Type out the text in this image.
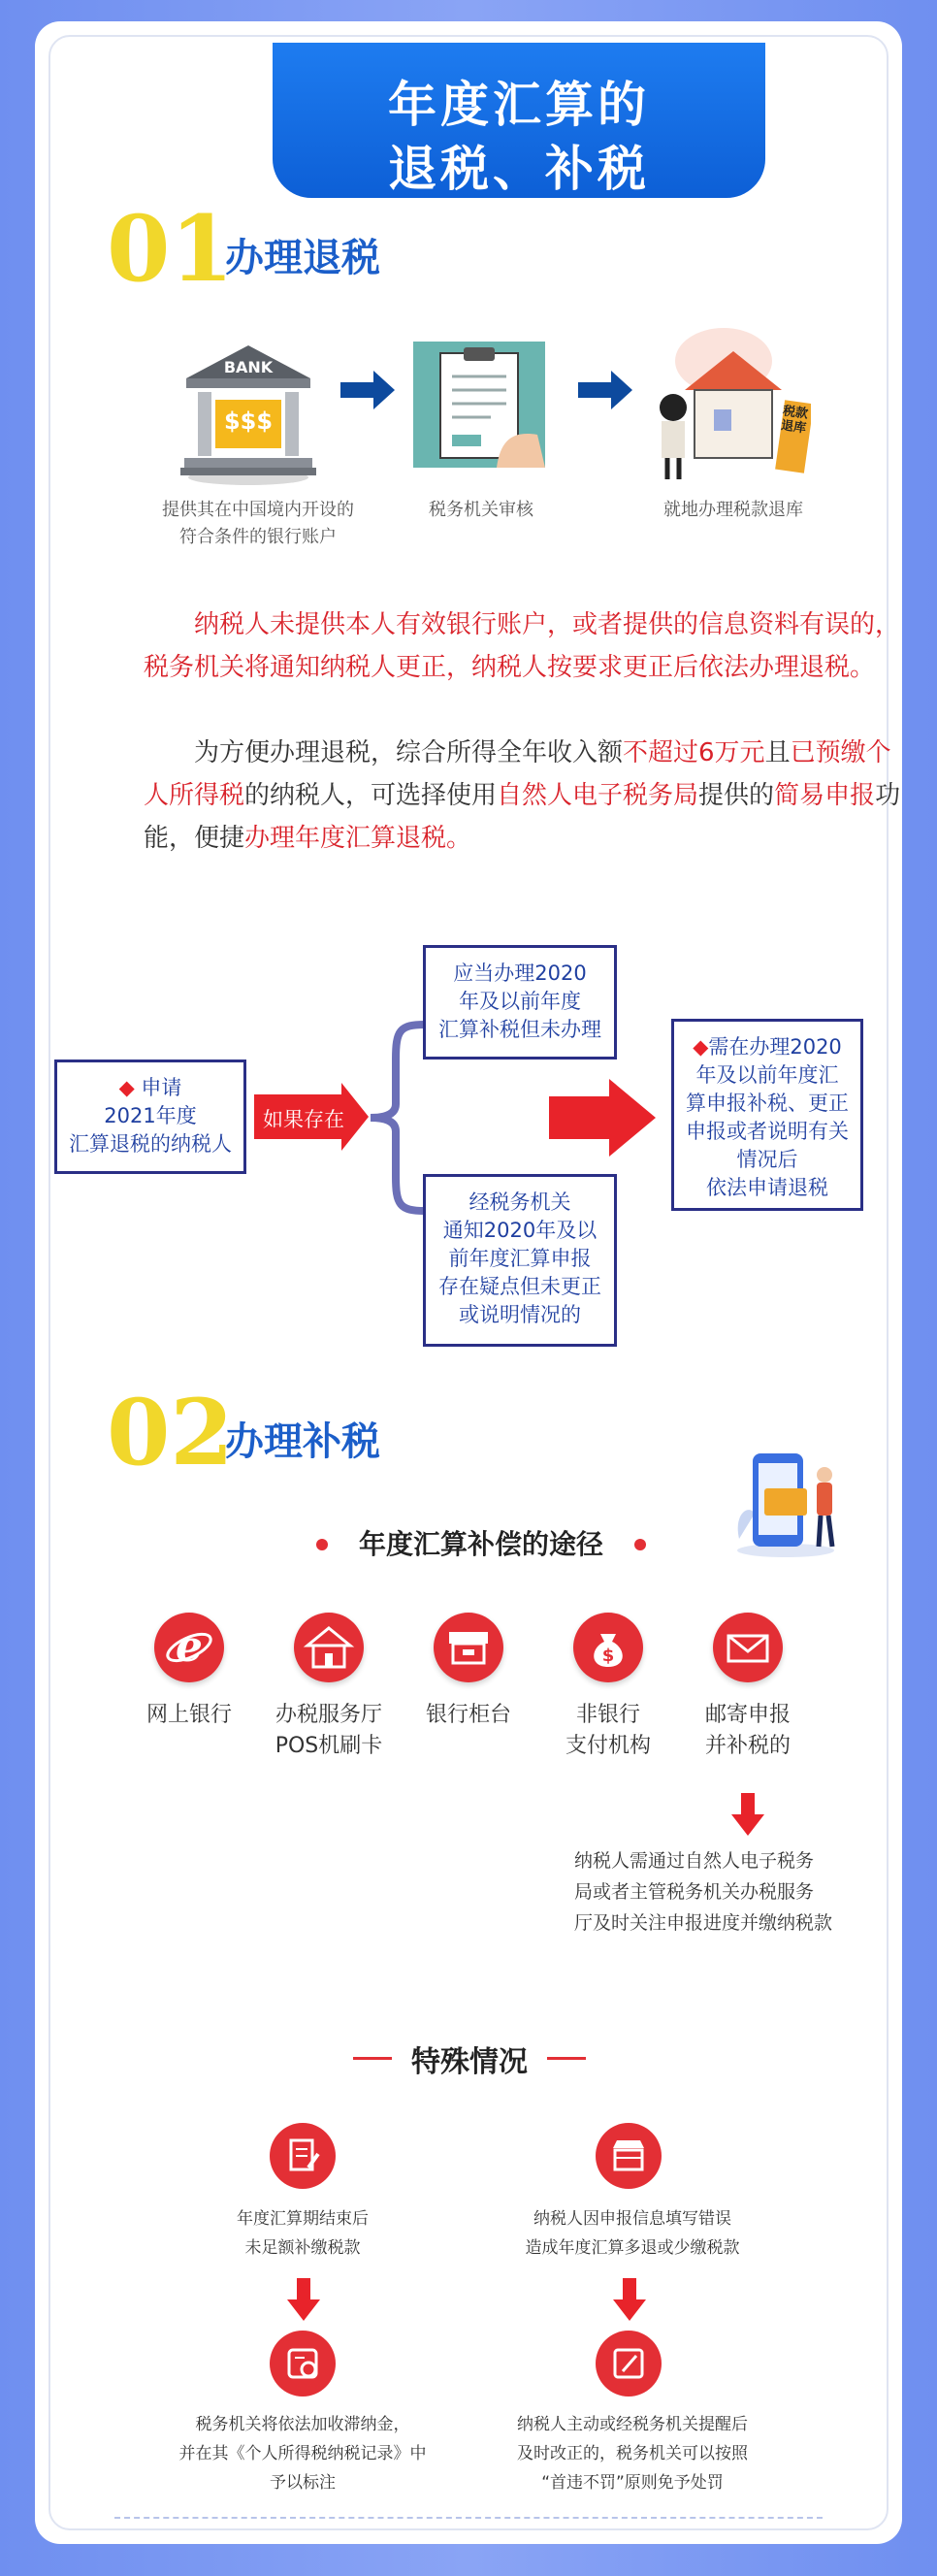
年度汇算的
退税、补税
01
办理退税
BANK
$$$	税款退库
提供其在中国境内开设的
符合条件的银行账户
税务机关审核	就地办理税款退库
纳税人未提供本人有效银行账户，或者提供的信息资料有误的，税务机关将通知纳税人更正，纳税人按要求更正后依法办理退税。
为方便办理退税，综合所得全年收入额不超过6万元且已预缴个人所得税的纳税人，可选择使用自然人电子税务局提供的简易申报功能，便捷办理年度汇算退税。
◆ 申请
2021年度
汇算退税的纳税人
如果存在
应当办理2020
年及以前年度
汇算补税但未办理
经税务机关
通知2020年及以
前年度汇算申报
存在疑点但未更正
或说明情况的
◆需在办理2020
年及以前年度汇
算申报补税、更正
申报或者说明有关
情况后
依法申请退税
02
办理补税
年度汇算补偿的途径
e
网上银行	办税服务厅
POS机刷卡
银行柜台
$
非银行
支付机构
邮寄申报
并补税的
纳税人需通过自然人电子税务
局或者主管税务机关办税服务
厅及时关注申报进度并缴纳税款
特殊情况
年度汇算期结束后
未足额补缴税款
税务机关将依法加收滞纳金，
并在其《个人所得税纳税记录》中
予以标注
纳税人因申报信息填写错误
造成年度汇算多退或少缴税款
纳税人主动或经税务机关提醒后
及时改正的，税务机关可以按照
“首违不罚”原则免予处罚
